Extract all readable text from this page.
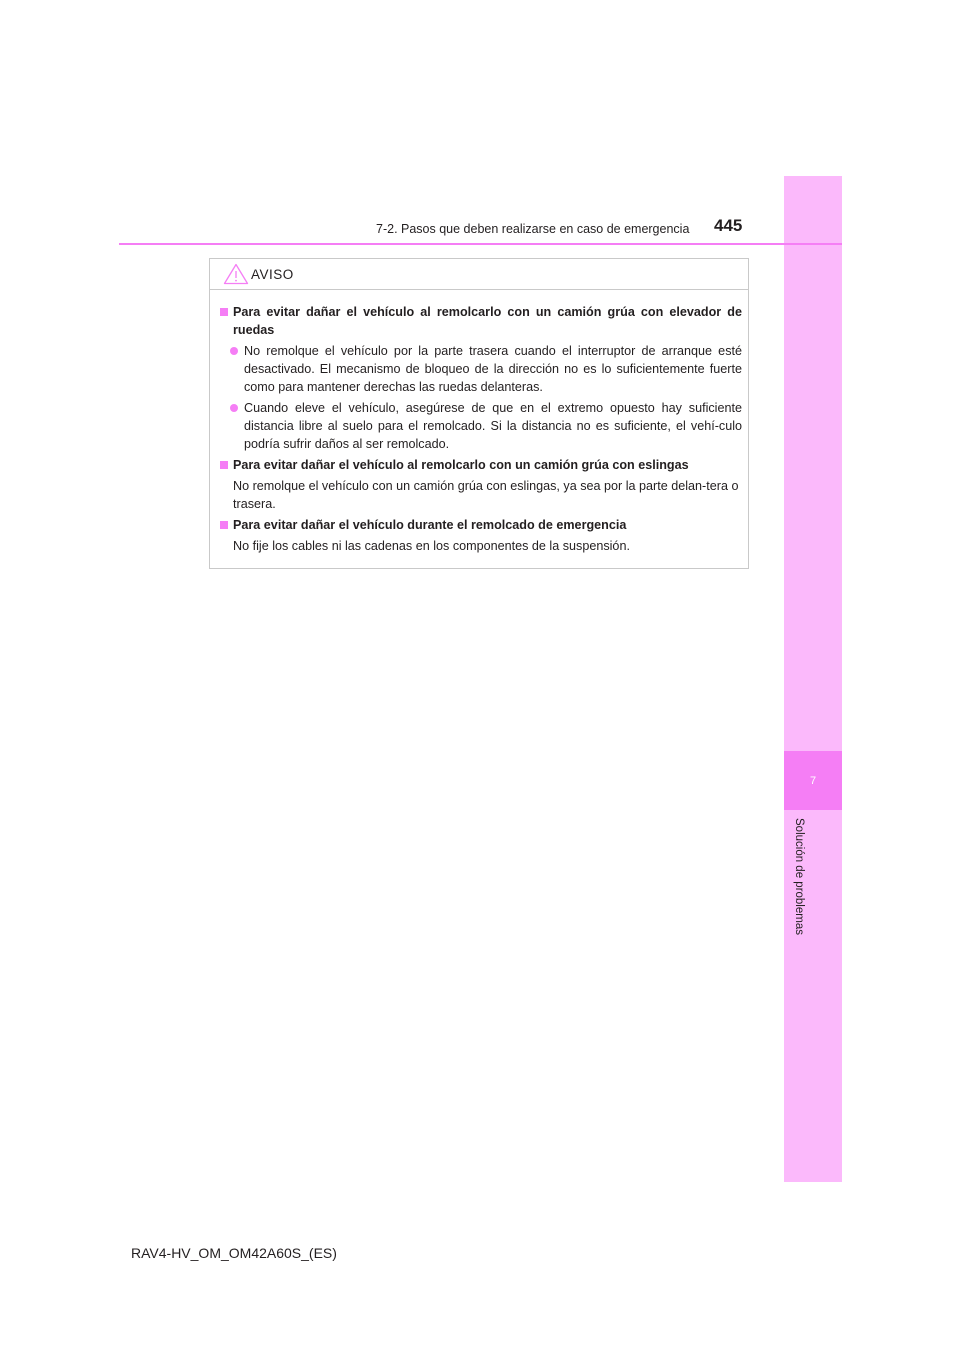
7
Solución de problemas
7-2. Pasos que deben realizarse en caso de emergencia 445
AVISO
Para evitar dañar el vehículo al remolcarlo con un camión grúa con elevador de ruedas
No remolque el vehículo por la parte trasera cuando el interruptor de arranque esté desactivado. El mecanismo de bloqueo de la dirección no es lo suficientemente fuerte como para mantener derechas las ruedas delanteras.
Cuando eleve el vehículo, asegúrese de que en el extremo opuesto hay suficiente distancia libre al suelo para el remolcado. Si la distancia no es suficiente, el vehí-culo podría sufrir daños al ser remolcado.
Para evitar dañar el vehículo al remolcarlo con un camión grúa con eslingas
No remolque el vehículo con un camión grúa con eslingas, ya sea por la parte delan-tera o trasera.
Para evitar dañar el vehículo durante el remolcado de emergencia
No fije los cables ni las cadenas en los componentes de la suspensión.
RAV4-HV_OM_OM42A60S_(ES)
